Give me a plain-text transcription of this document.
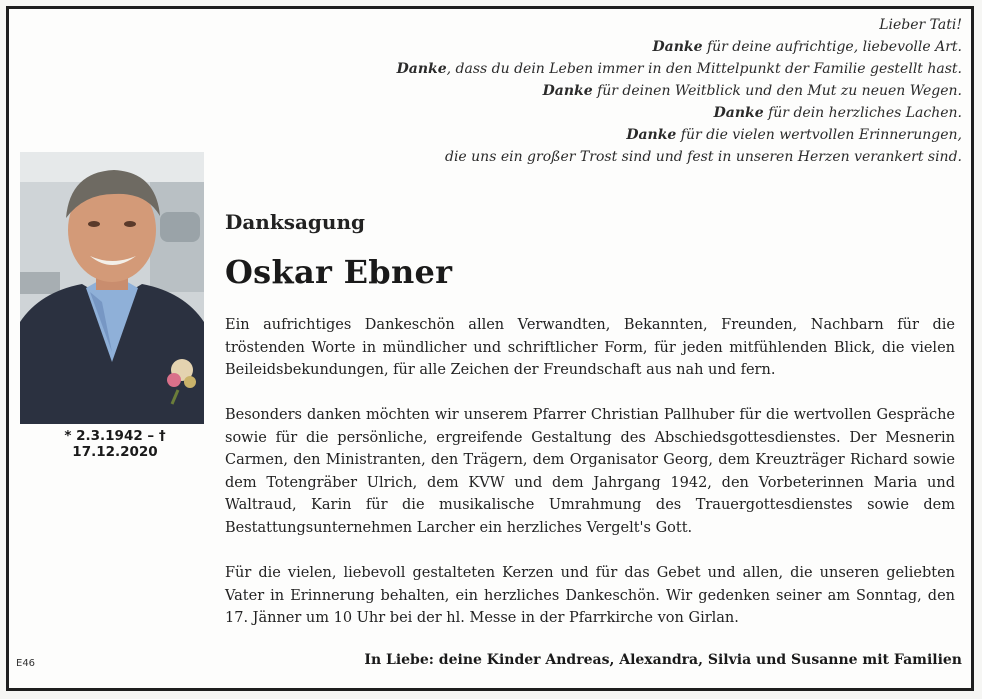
Lieber Tati!
Danke für deine aufrichtige, liebevolle Art.
Danke, dass du dein Leben immer in den Mittelpunkt der Familie gestellt hast.
Danke für deinen Weitblick und den Mut zu neuen Wegen.
Danke für dein herzliches Lachen.
Danke für die vielen wertvollen Erinnerungen,
die uns ein großer Trost sind und fest in unseren Herzen verankert sind.
* 2.3.1942 – † 17.12.2020
Danksagung
Oskar Ebner
Ein aufrichtiges Dankeschön allen Verwandten, Bekannten, Freunden, Nachbarn für die tröstenden Worte in mündlicher und schriftlicher Form, für jeden mitfühlenden Blick, die vielen Beileidsbekundungen, für alle Zeichen der Freundschaft aus nah und fern.
Besonders danken möchten wir unserem Pfarrer Christian Pallhuber für die wertvollen Gespräche sowie für die persönliche, ergreifende Gestaltung des Abschiedsgottesdienstes. Der Mesnerin Carmen, den Ministranten, den Trägern, dem Organisator Georg, dem Kreuzträger Richard sowie dem Totengräber Ulrich, dem KVW und dem Jahrgang 1942, den Vorbeterinnen Maria und Waltraud, Karin für die musikalische Umrahmung des Trauergottesdienstes sowie dem Bestattungsunternehmen Larcher ein herzliches Vergelt's Gott.
Für die vielen, liebevoll gestalteten Kerzen und für das Gebet und allen, die unseren geliebten Vater in Erinnerung behalten, ein herzliches Dankeschön. Wir gedenken seiner am Sonntag, den 17. Jänner um 10 Uhr bei der hl. Messe in der Pfarrkirche von Girlan.
E46	In Liebe: deine Kinder Andreas, Alexandra, Silvia und Susanne mit Familien
